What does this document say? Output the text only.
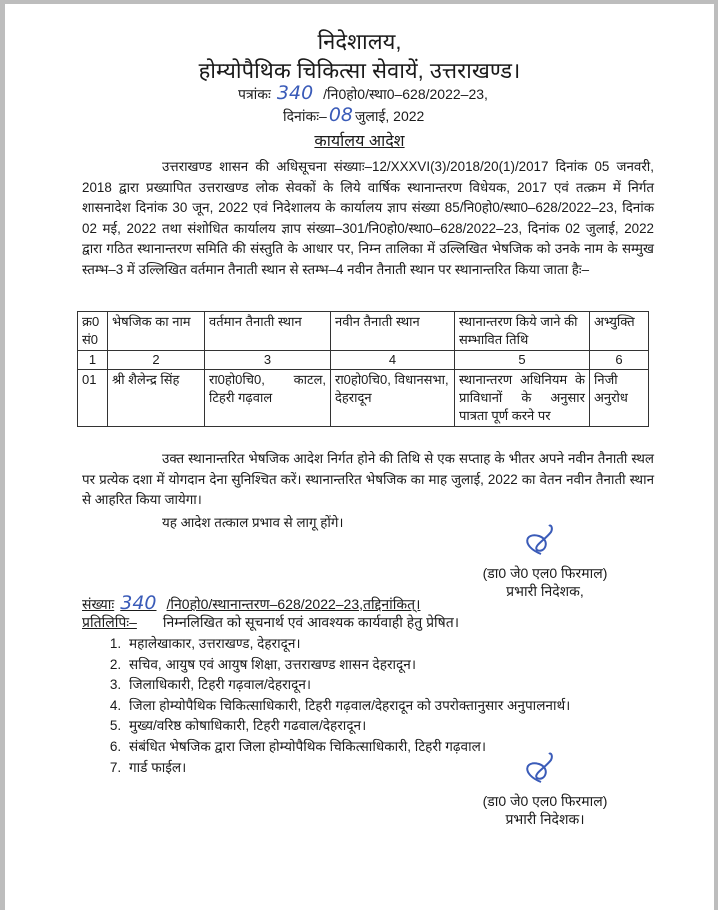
निदेशालय,
होम्योपैथिक चिकित्सा सेवायें, उत्तराखण्ड।
पत्रांकः 340 /नि0हो0/स्था0–628/2022–23,
दिनांकः– 08 जुलाई, 2022
कार्यालय आदेश

उत्तराखण्ड शासन की अधिसूचना संख्याः–12/XXXVI(3)/2018/20(1)/2017 दिनांक 05 जनवरी, 2018 द्वारा प्रख्यापित उत्तराखण्ड लोक सेवकों के लिये वार्षिक स्थानान्तरण विधेयक, 2017 एवं तत्क्रम में निर्गत शासनादेश दिनांक 30 जून, 2022 एवं निदेशालय के कार्यालय ज्ञाप संख्या 85/नि0हो0/स्था0–628/2022–23, दिनांक 02 मई, 2022 तथा संशोधित कार्यालय ज्ञाप संख्या–301/नि0हो0/स्था0–628/2022–23, दिनांक 02 जुलाई, 2022 द्वारा गठित स्थानान्तरण समिति की संस्तुति के आधार पर, निम्न तालिका में उल्लिखित भेषजिक को उनके नाम के सम्मुख स्तम्भ–3 में उल्लिखित वर्तमान तैनाती स्थान से स्तम्भ–4 नवीन तैनाती स्थान पर स्थानान्तरित किया जाता हैः–

क्र0 सं0	भेषजिक का नाम	वर्तमान तैनाती स्थान	नवीन तैनाती स्थान	स्थानान्तरण किये जाने की सम्भावित तिथि	अभ्युक्ति
1	2	3	4	5	6
01	श्री शैलेन्द्र सिंह	रा0हो0चि0, काटल, टिहरी गढ़वाल	रा0हो0चि0, विधानसभा, देहरादून	स्थानान्तरण अधिनियम के प्राविधानों के अनुसार पात्रता पूर्ण करने पर	निजी अनुरोध

उक्त स्थानान्तरित भेषजिक आदेश निर्गत होने की तिथि से एक सप्ताह के भीतर अपने नवीन तैनाती स्थल पर प्रत्येक दशा में योगदान देना सुनिश्चित करें। स्थानान्तरित भेषजिक का माह जुलाई, 2022 का वेतन नवीन तैनाती स्थान से आहरित किया जायेगा।

यह आदेश तत्काल प्रभाव से लागू होंगे।

(डा0 जे0 एल0 फिरमाल)
प्रभारी निदेशक,
संख्याः 340 /नि0हो0/स्थानान्तरण–628/2022–23,तद्दिनांकित्।
प्रतिलिपिः– निम्नलिखित को सूचनार्थ एवं आवश्यक कार्यवाही हेतु प्रेषित।
1. महालेखाकार, उत्तराखण्ड, देहरादून।
2. सचिव, आयुष एवं आयुष शिक्षा, उत्तराखण्ड शासन देहरादून।
3. जिलाधिकारी, टिहरी गढ़वाल/देहरादून।
4. जिला होम्योपैथिक चिकित्साधिकारी, टिहरी गढ़वाल/देहरादून को उपरोक्तानुसार अनुपालनार्थ।
5. मुख्य/वरिष्ठ कोषाधिकारी, टिहरी गढवाल/देहरादून।
6. संबंधित भेषजिक द्वारा जिला होम्योपैथिक चिकित्साधिकारी, टिहरी गढ़वाल।
7. गार्ड फाईल।
(डा0 जे0 एल0 फिरमाल)
प्रभारी निदेशक।
